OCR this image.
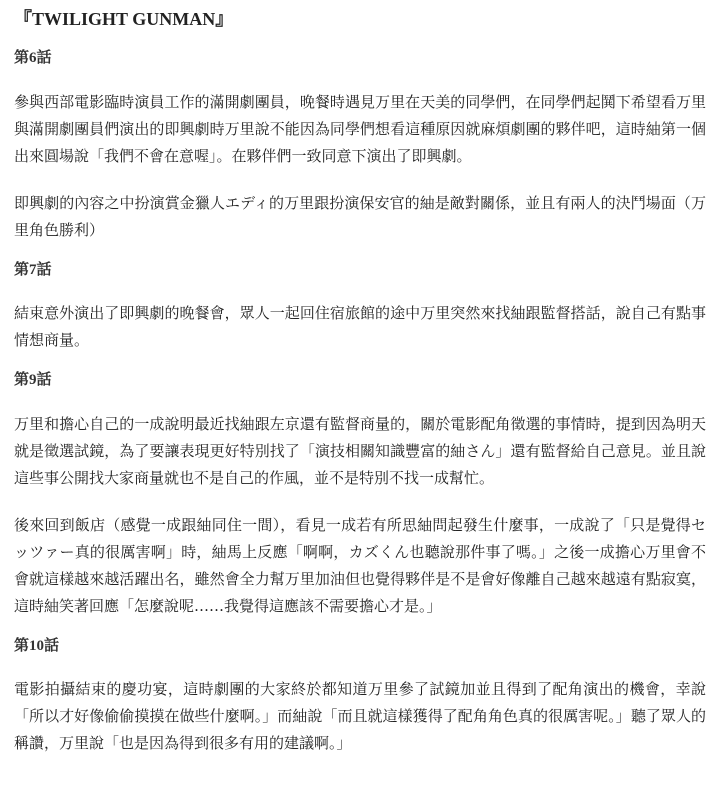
『TWILIGHT GUNMAN』
第6話
參與西部電影臨時演員工作的滿開劇團員，晚餐時遇見万里在天美的同學們，在同學們起鬨下希望看万里與滿開劇團員們演出的即興劇時万里說不能因為同學們想看這種原因就麻煩劇團的夥伴吧，這時紬第一個出來圓場說「我們不會在意喔」。在夥伴們一致同意下演出了即興劇。
即興劇的內容之中扮演賞金獵人エディ的万里跟扮演保安官的紬是敵對關係，並且有兩人的決鬥場面（万里角色勝利）
第7話
結束意外演出了即興劇的晚餐會，眾人一起回住宿旅館的途中万里突然來找紬跟監督搭話，說自己有點事情想商量。
第9話
万里和擔心自己的一成說明最近找紬跟左京還有監督商量的，關於電影配角徵選的事情時，提到因為明天就是徵選試鏡，為了要讓表現更好特別找了「演技相關知識豐富的紬さん」還有監督給自己意見。並且說這些事公開找大家商量就也不是自己的作風，並不是特別不找一成幫忙。
後來回到飯店（感覺一成跟紬同住一間），看見一成若有所思紬問起發生什麼事，一成說了「只是覺得セッツァー真的很厲害啊」時，紬馬上反應「啊啊，カズくん也聽說那件事了嗎。」之後一成擔心万里會不會就這樣越來越活躍出名，雖然會全力幫万里加油但也覺得夥伴是不是會好像離自己越來越遠有點寂寞，這時紬笑著回應「怎麼說呢……我覺得這應該不需要擔心才是。」
第10話
電影拍攝結束的慶功宴，這時劇團的大家終於都知道万里參了試鏡加並且得到了配角演出的機會，幸說「所以才好像偷偷摸摸在做些什麼啊。」而紬說「而且就這樣獲得了配角角色真的很厲害呢。」聽了眾人的稱讚，万里說「也是因為得到很多有用的建議啊。」
